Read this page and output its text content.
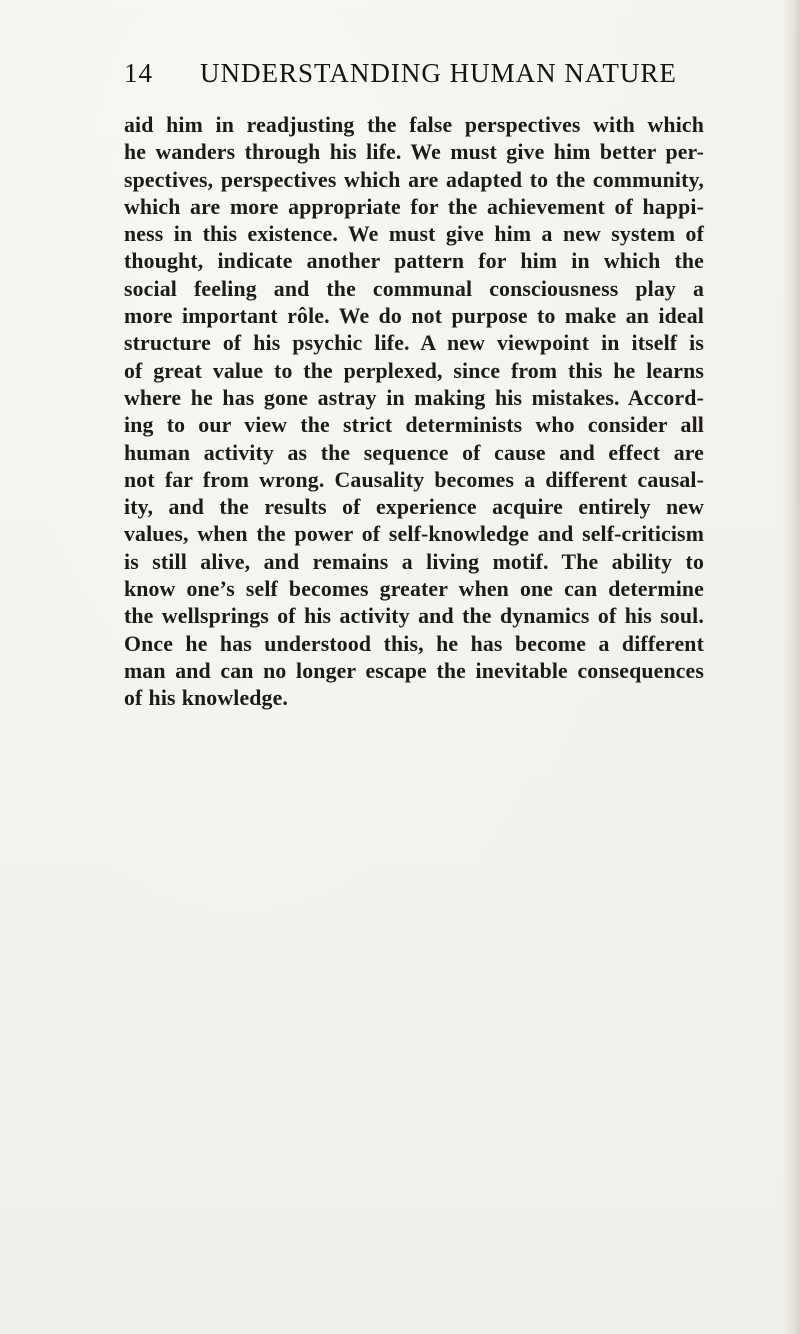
14 UNDERSTANDING HUMAN NATURE
aid him in readjusting the false perspectives with which
he wanders through his life. We must give him better per-
spectives, perspectives which are adapted to the community,
which are more appropriate for the achievement of happi-
ness in this existence. We must give him a new system of
thought, indicate another pattern for him in which the
social feeling and the communal consciousness play a
more important rôle. We do not purpose to make an ideal
structure of his psychic life. A new viewpoint in itself is
of great value to the perplexed, since from this he learns
where he has gone astray in making his mistakes. Accord-
ing to our view the strict determinists who consider all
human activity as the sequence of cause and effect are
not far from wrong. Causality becomes a different causal-
ity, and the results of experience acquire entirely new
values, when the power of self-knowledge and self-criticism
is still alive, and remains a living motif. The ability to
know one’s self becomes greater when one can determine
the wellsprings of his activity and the dynamics of his soul.
Once he has understood this, he has become a different
man and can no longer escape the inevitable consequences
of his knowledge.
